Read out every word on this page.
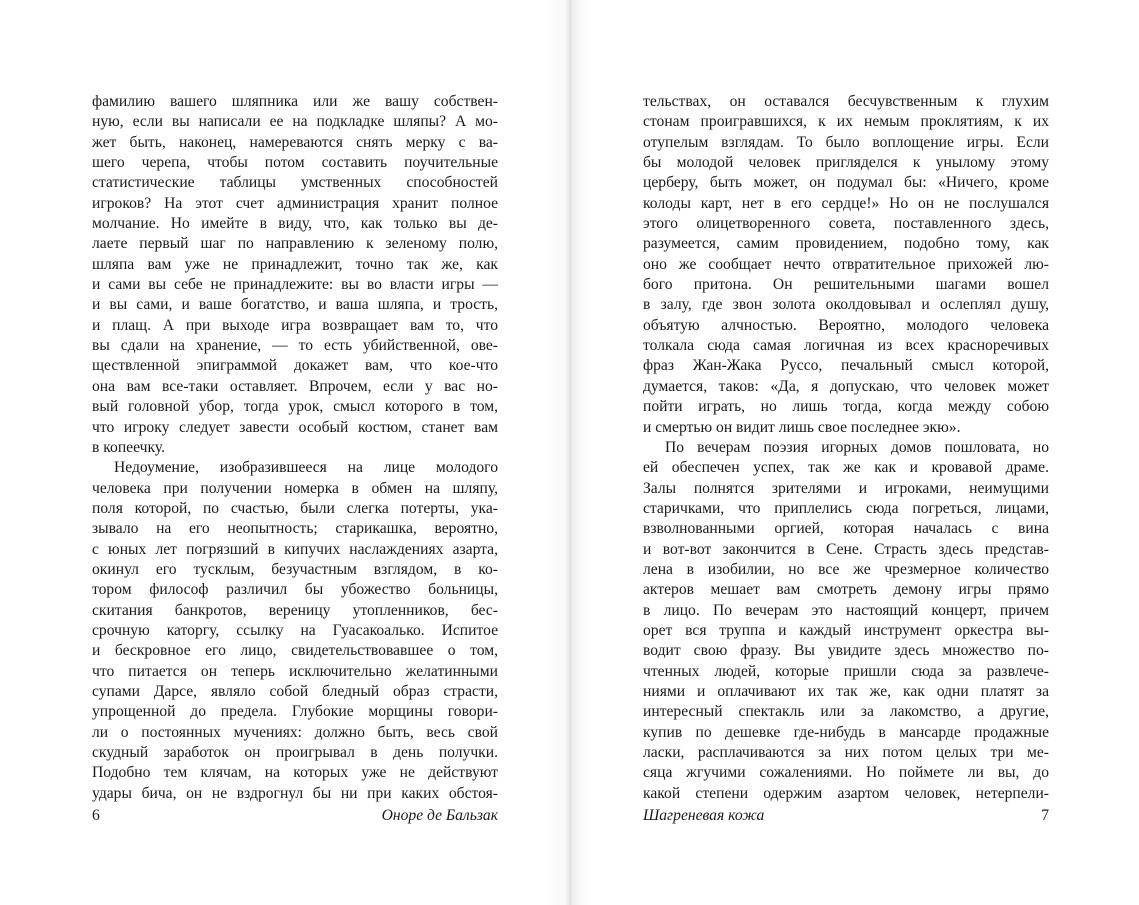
фамилию вашего шляпника или же вашу собствен-
ную, если вы написали ее на подкладке шляпы? А мо-
жет быть, наконец, намереваются снять мерку с ва-
шего черепа, чтобы потом составить поучительные
статистические таблицы умственных способностей
игроков? На этот счет администрация хранит полное
молчание. Но имейте в виду, что, как только вы де-
лаете первый шаг по направлению к зеленому полю,
шляпа вам уже не принадлежит, точно так же, как
и сами вы себе не принадлежите: вы во власти игры —
и вы сами, и ваше богатство, и ваша шляпа, и трость,
и плащ. А при выходе игра возвращает вам то, что
вы сдали на хранение, — то есть убийственной, ове-
ществленной эпиграммой докажет вам, что кое-что
она вам все-таки оставляет. Впрочем, если у вас но-
вый головной убор, тогда урок, смысл которого в том,
что игроку следует завести особый костюм, станет вам
в копеечку.
Недоумение, изобразившееся на лице молодого
человека при получении номерка в обмен на шляпу,
поля которой, по счастью, были слегка потерты, ука-
зывало на его неопытность; старикашка, вероятно,
с юных лет погрязший в кипучих наслаждениях азарта,
окинул его тусклым, безучастным взглядом, в ко-
тором философ различил бы убожество больницы,
скитания банкротов, вереницу утопленников, бес-
срочную каторгу, ссылку на Гуасакоалько. Испитое
и бескровное его лицо, свидетельствовавшее о том,
что питается он теперь исключительно желатинными
супами Дарсе, являло собой бледный образ страсти,
упрощенной до предела. Глубокие морщины говори-
ли о постоянных мучениях: должно быть, весь свой
скудный заработок он проигрывал в день получки.
Подобно тем клячам, на которых уже не действуют
удары бича, он не вздрогнул бы ни при каких обстоя-
6	Оноре де Бальзак
тельствах, он оставался бесчувственным к глухим
стонам проигравшихся, к их немым проклятиям, к их
отупелым взглядам. То было воплощение игры. Если
бы молодой человек пригляделся к унылому этому
церберу, быть может, он подумал бы: «Ничего, кроме
колоды карт, нет в его сердце!» Но он не послушался
этого олицетворенного совета, поставленного здесь,
разумеется, самим провидением, подобно тому, как
оно же сообщает нечто отвратительное прихожей лю-
бого притона. Он решительными шагами вошел
в залу, где звон золота околдовывал и ослеплял душу,
объятую алчностью. Вероятно, молодого человека
толкала сюда самая логичная из всех красноречивых
фраз Жан-Жака Руссо, печальный смысл которой,
думается, таков: «Да, я допускаю, что человек может
пойти играть, но лишь тогда, когда между собою
и смертью он видит лишь свое последнее экю».
По вечерам поэзия игорных домов пошловата, но
ей обеспечен успех, так же как и кровавой драме.
Залы полнятся зрителями и игроками, неимущими
старичками, что приплелись сюда погреться, лицами,
взволнованными оргией, которая началась с вина
и вот-вот закончится в Сене. Страсть здесь представ-
лена в изобилии, но все же чрезмерное количество
актеров мешает вам смотреть демону игры прямо
в лицо. По вечерам это настоящий концерт, причем
орет вся труппа и каждый инструмент оркестра вы-
водит свою фразу. Вы увидите здесь множество по-
чтенных людей, которые пришли сюда за развлече-
ниями и оплачивают их так же, как одни платят за
интересный спектакль или за лакомство, а другие,
купив по дешевке где-нибудь в мансарде продажные
ласки, расплачиваются за них потом целых три ме-
сяца жгучими сожалениями. Но поймете ли вы, до
какой степени одержим азартом человек, нетерпели-
Шагреневая кожа	7
